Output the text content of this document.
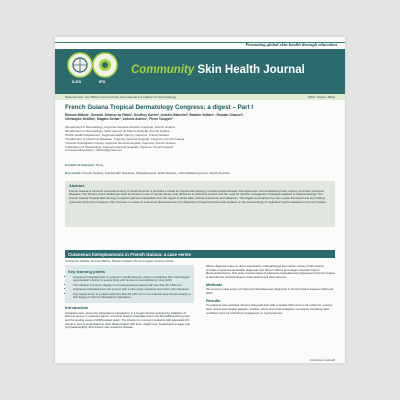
Promoting global skin health through education
ILDS	IFD
Community Skin Health Journal
Selected from the Official Journal of the International Foundation for Dermatology	2024: Volume 20(4)
French Guiana Tropical Dermatology Congress: a digest – Part I
Romain Blaizot¹, Gerardo Jimenez de Pablo², Geoffroy Kuehn², Antoine Blanchet³, Bastien Veillard⁴, Romain Chauvel⁵,
Christophe Deltilde¹, Magalie Demar⁶, Antoine Adenis⁶, Pierre Couppié¹
¹Department of Dermatology, Cayenne General Hospital, Cayenne, French Guiana
²Department of Dermatology, Saint Laurent du Maroni Hospital, French Guiana
³Public Health Department, Regional Health Agency, Cayenne, French Guiana
⁴Department of Infectious Diseases, Cayenne General Hospital, Cayenne, French Guiana
⁵Clinical Investigation Centre, Cayenne General Hospital, Cayenne, French Guiana
⁶Laboratory of Parasitology, Cayenne General Hospital, Cayenne, French Guiana
Corresponding author: rblaizot@gmail.com
Conflict of interests: None.
Key words: French Guiana, tropical skin diseases, histoplasmosis, leishmaniasis, chromoblastomycosis, South America
Abstract

French Guiana is a French overseas territory in South America. It provides a model for tropical dermatology, including leishmaniasis, histoplasmosis, chromoblastomycosis, leprosy and other infectious diseases. The territory faces challenges such as access to care in remote areas, long distances to reference centres and the need for specific management strategies adapted to tropical settings. The French Guiana Tropical Dermatology Congress gathered specialists from the region to share data, clinical experience and advances. This digest summarises the main topics discussed and key findings presented during the congress. Part I focuses on cases of cutaneous histoplasmosis, the diagnosis of fungal infections and updates on the epidemiology of neglected tropical diseases in French Guiana.

Cutaneous histoplasmosis in French Guiana: a case series
Christophe Deltilde, Romain Blaizot, Bastien Veillard, Pierre Couppié, Antoine Adenis
Key learning points
• Cutaneous histoplasmosis is endemic in South America, where it constitutes the most frequent opportunistic infection in people living with human immunodeficiency virus (HIV).
• The infection is found in deeply immunosuppressed patients with less than 50 CD4/mm³.
• Cutaneous histoplasmosis can present with a wide range of lesions and mimic other diseases.
• Any papule lesion in a patient with less than 50 CD4 mm³ in an endemic area should undergo a skin biopsy to look for Histoplasma capsulatum.
Introduction

Histoplasmosis, caused by Histoplasma capsulatum, is a fungal infection acquired by inhalation of airborne spores in endemic regions. In French Guiana, histoplasmosis is the first AIDS-defining event and the leading cause of AIDS-related death. The infection is common in patients with advanced HIV infection, and its presentation is often disseminated, with fever, weight loss, hepatosplenomegaly and lymphadenopathy. Skin lesions may reveal the disease.

Where diagnosis relies on direct examination, histopathology and culture, biopsy of skin lesions provides a rapid and accessible diagnostic tool. Blood cultures and antigen detection help in disseminated forms. This study reviews cases of cutaneous histoplasmosis diagnosed in French Guiana to describe the clinical features of skin lesions and their outcome.

Methods

We present a case series of cutaneous histoplasmosis diagnosed in French Guiana between 2012 and 2022.

Results

Ten patients were included. All were living with HIV, with a median CD4 count of 12 cells/mm³. Lesions were varied and included papules, nodules, ulcers and crusted plaques, sometimes mimicking other conditions such as molluscum contagiosum or cryptococcosis.

(Continued overleaf)
